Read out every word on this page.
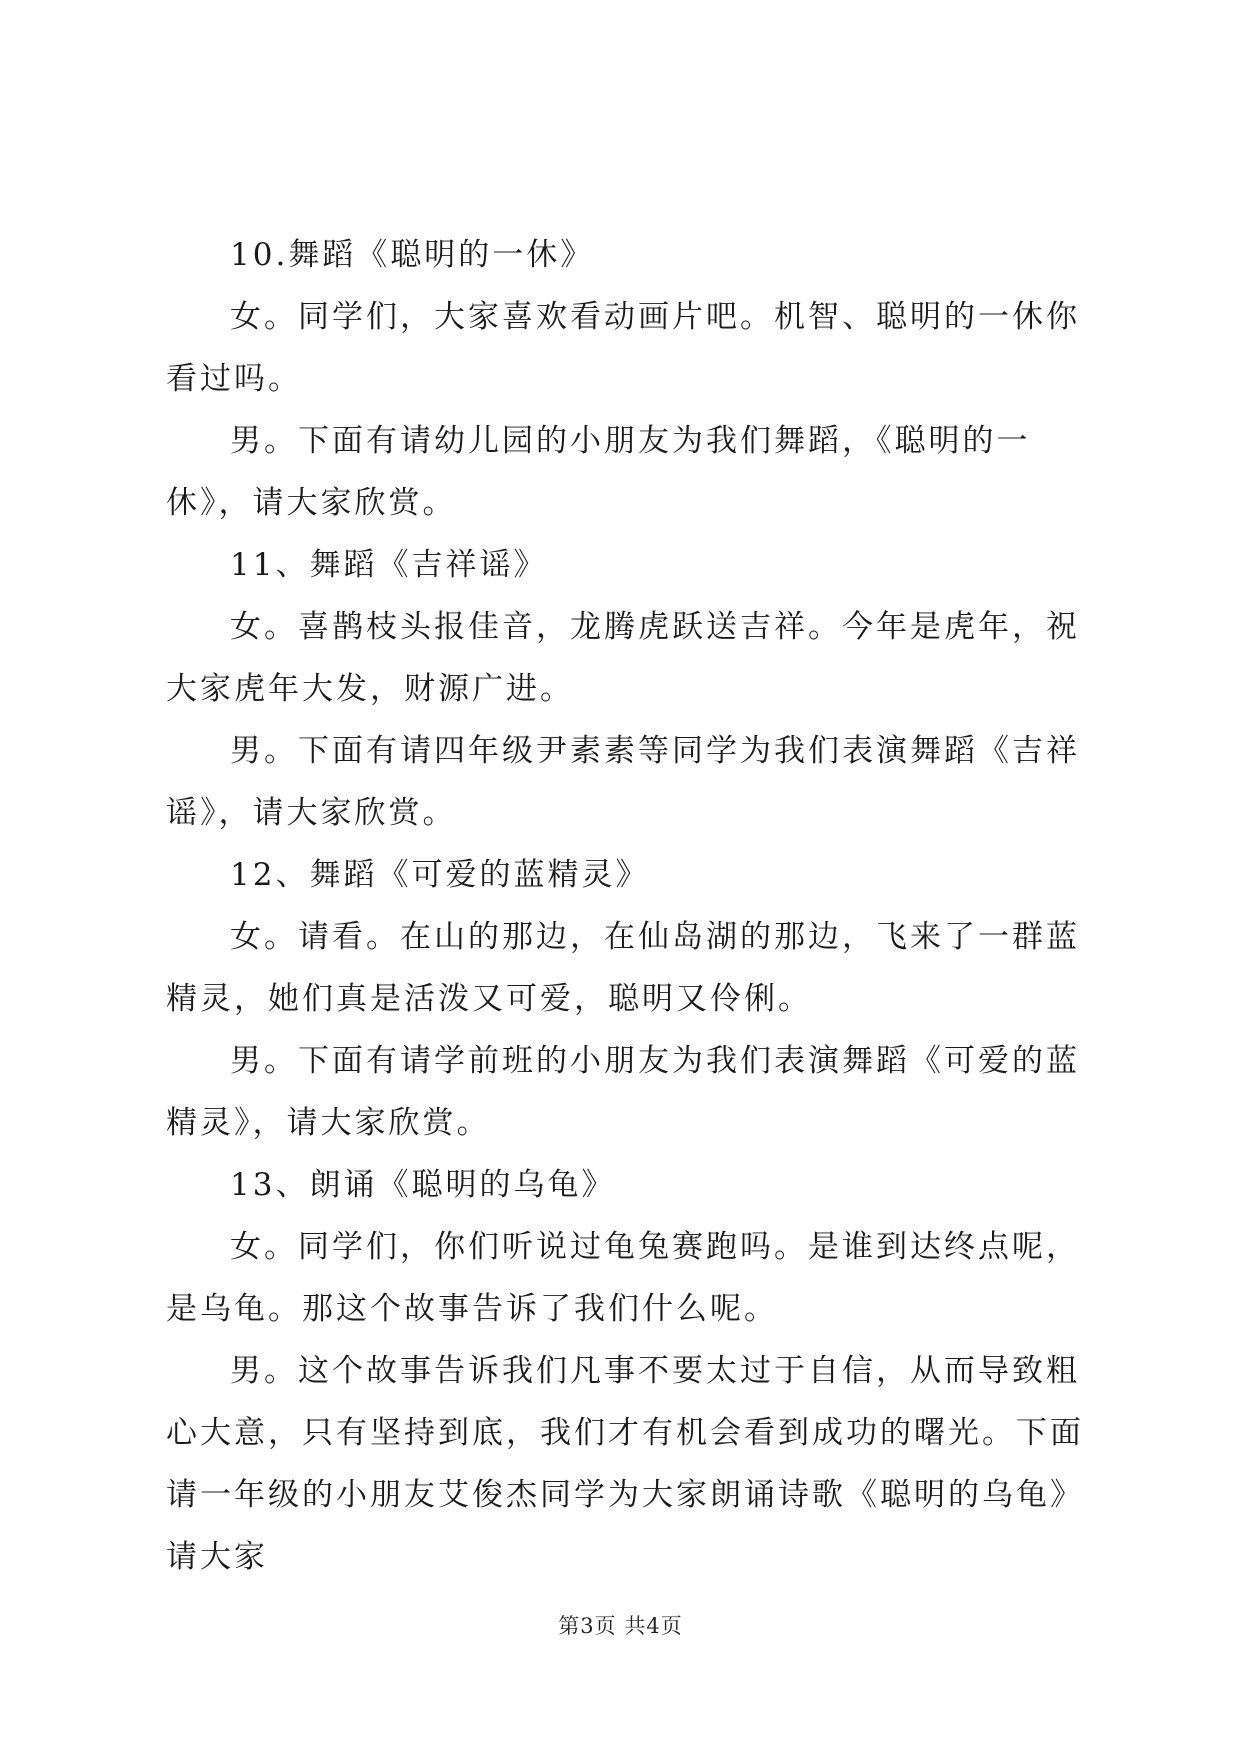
10.舞蹈《聪明的一休》

女。同学们，大家喜欢看动画片吧。机智、聪明的一休你看过吗。

男。下面有请幼儿园的小朋友为我们舞蹈，《聪明的一休》，请大家欣赏。

11、舞蹈《吉祥谣》

女。喜鹊枝头报佳音，龙腾虎跃送吉祥。今年是虎年，祝大家虎年大发，财源广进。

男。下面有请四年级尹素素等同学为我们表演舞蹈《吉祥谣》，请大家欣赏。

12、舞蹈《可爱的蓝精灵》

女。请看。在山的那边，在仙岛湖的那边，飞来了一群蓝精灵，她们真是活泼又可爱，聪明又伶俐。

男。下面有请学前班的小朋友为我们表演舞蹈《可爱的蓝精灵》，请大家欣赏。

13、朗诵《聪明的乌龟》

女。同学们，你们听说过龟兔赛跑吗。是谁到达终点呢，是乌龟。那这个故事告诉了我们什么呢。

男。这个故事告诉我们凡事不要太过于自信，从而导致粗心大意，只有坚持到底，我们才有机会看到成功的曙光。下面请一年级的小朋友艾俊杰同学为大家朗诵诗歌《聪明的乌龟》请大家

第3页 共4页
